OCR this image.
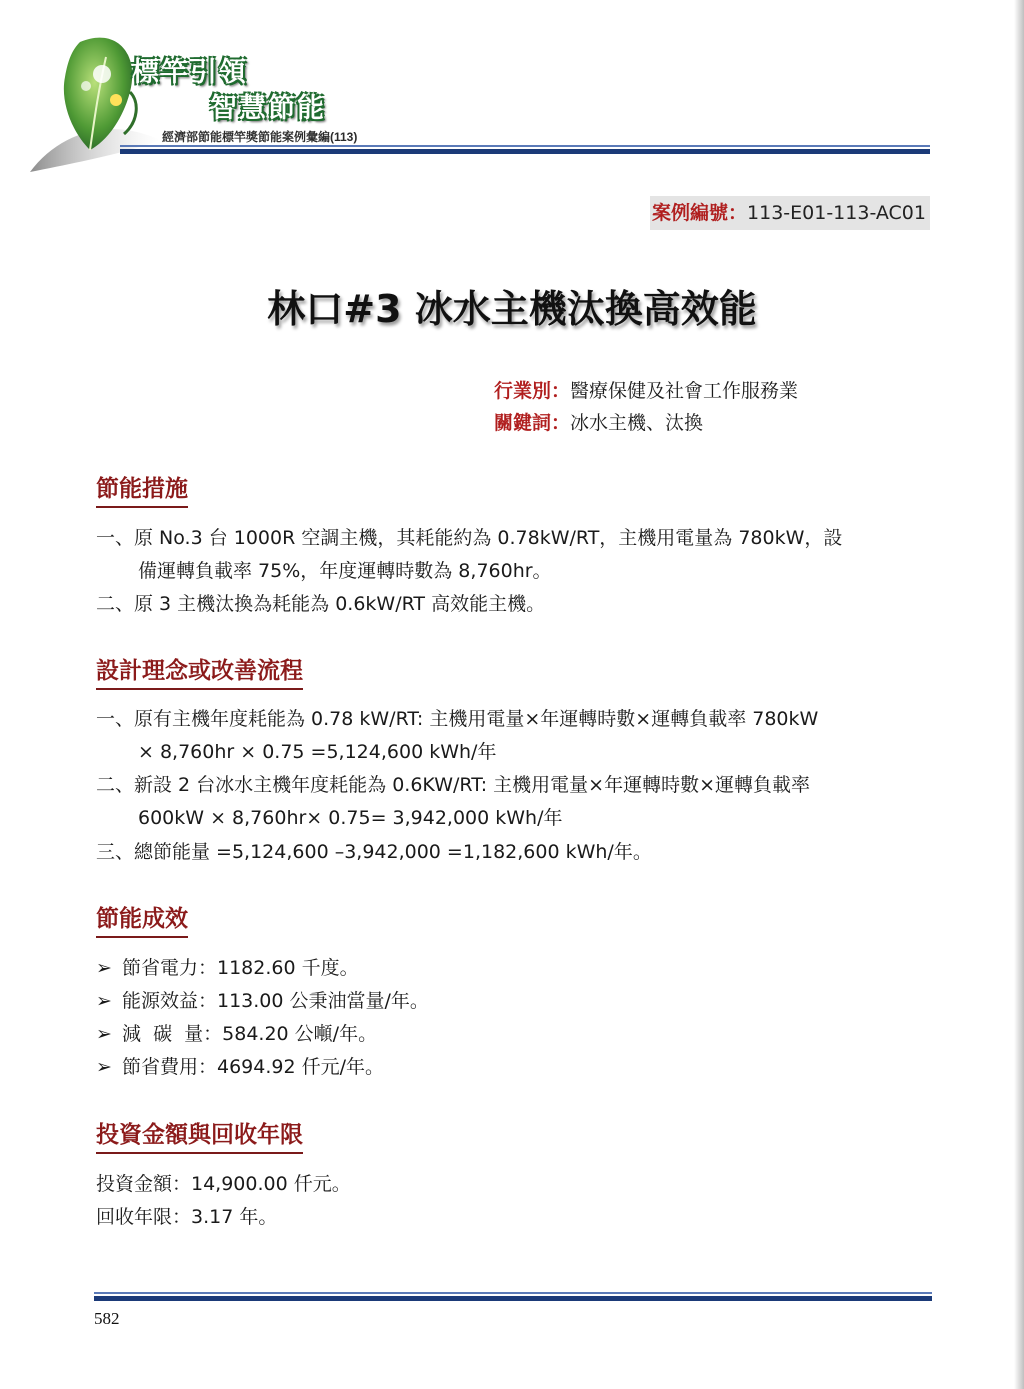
標竿引領
智慧節能
經濟部節能標竿獎節能案例彙編(113)
案例編號：113-E01-113-AC01
林口#3 冰水主機汰換高效能
行業別：醫療保健及社會工作服務業
關鍵詞：冰水主機、汰換
節能措施
一、原 No.3 台 1000R 空調主機，其耗能約為 0.78kW/RT，主機用電量為 780kW，設
備運轉負載率 75%，年度運轉時數為 8,760hr。
二、原 3 主機汰換為耗能為 0.6kW/RT 高效能主機。
設計理念或改善流程
一、原有主機年度耗能為 0.78 kW/RT: 主機用電量×年運轉時數×運轉負載率 780kW
× 8,760hr × 0.75 =5,124,600 kWh/年
二、新設 2 台冰水主機年度耗能為 0.6KW/RT: 主機用電量×年運轉時數×運轉負載率
600kW × 8,760hr× 0.75= 3,942,000 kWh/年
三、總節能量 =5,124,600 –3,942,000 =1,182,600 kWh/年。
節能成效
➢ 節省電力：1182.60 千度。
➢ 能源效益：113.00 公秉油當量/年。
➢ 減  碳  量：584.20 公噸/年。
➢ 節省費用：4694.92 仟元/年。
投資金額與回收年限
投資金額：14,900.00 仟元。
回收年限：3.17 年。
582
